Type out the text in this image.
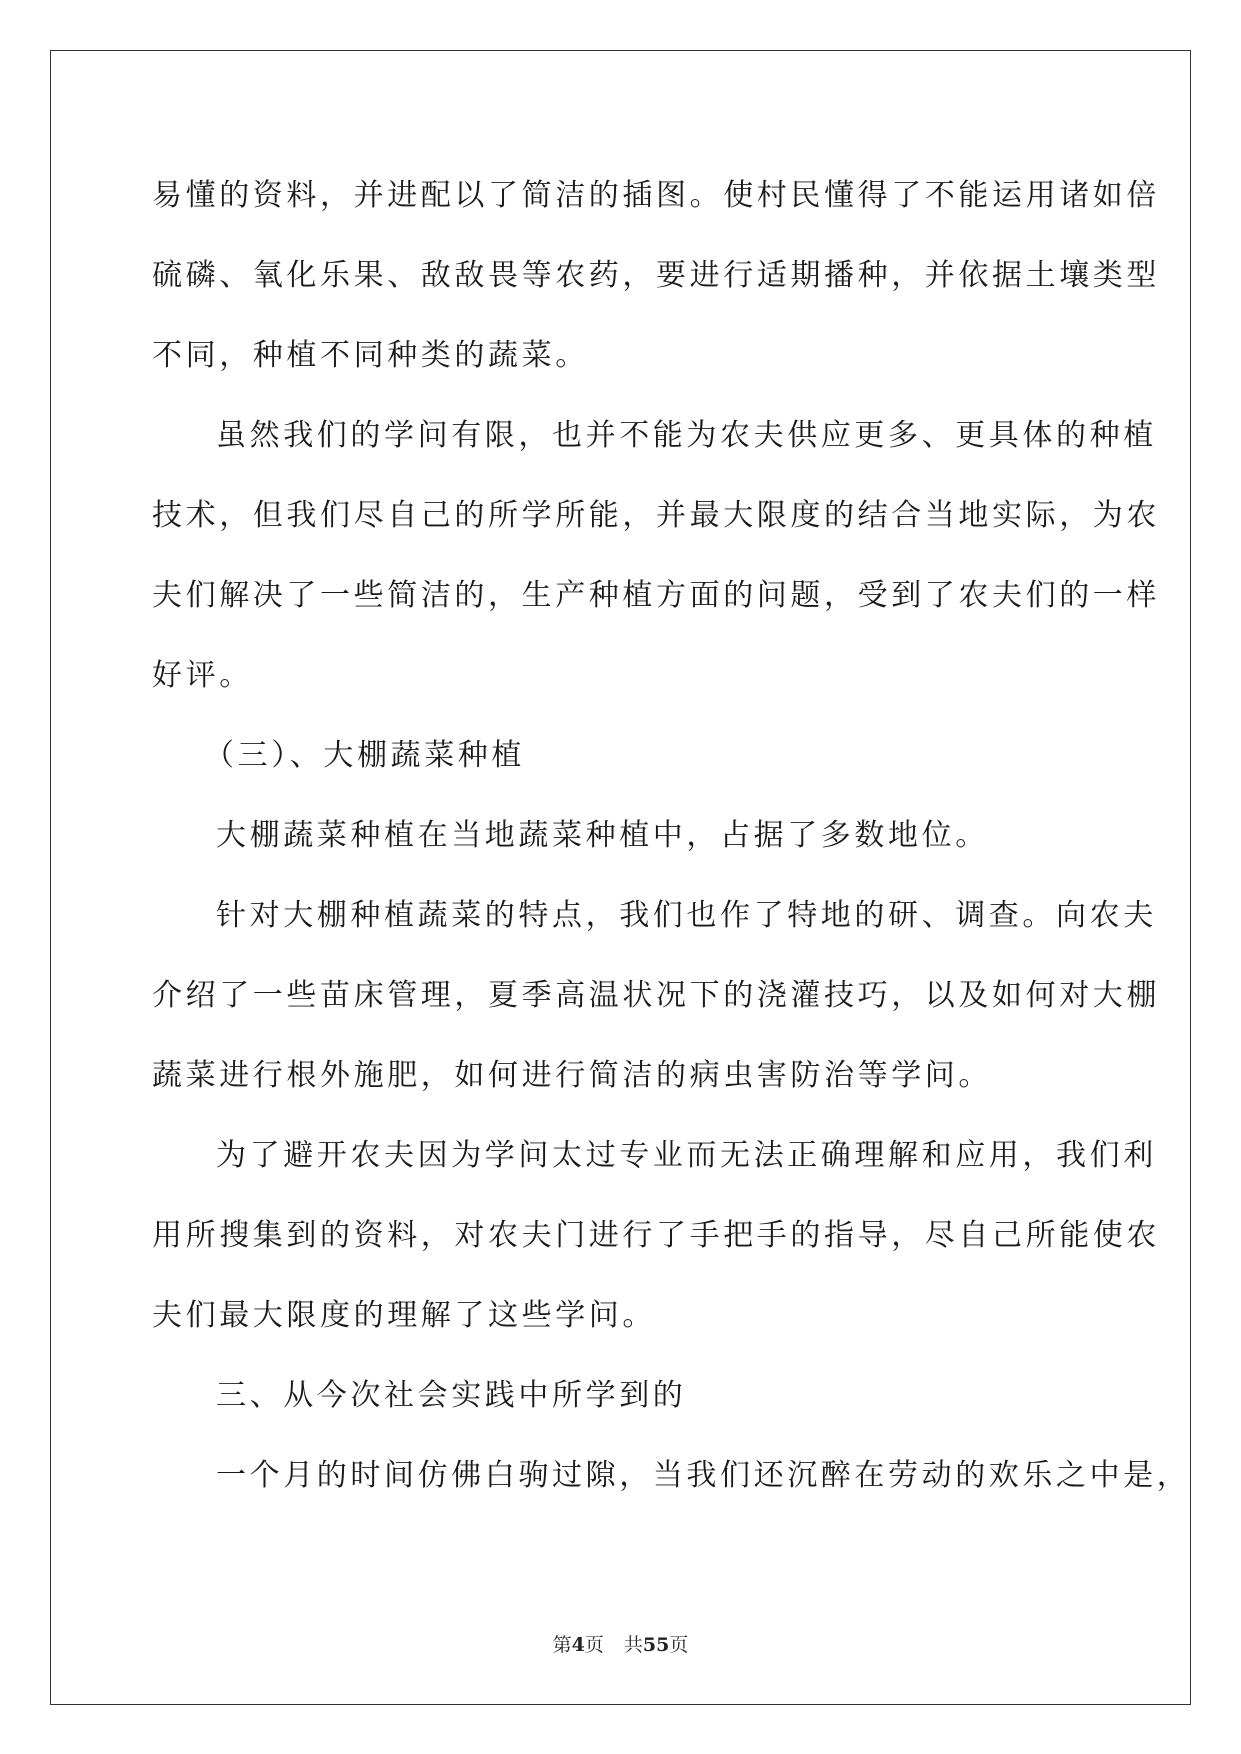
易懂的资料，并进配以了简洁的插图。使村民懂得了不能运用诸如倍
硫磷、氧化乐果、敌敌畏等农药，要进行适期播种，并依据土壤类型
不同，种植不同种类的蔬菜。
虽然我们的学问有限，也并不能为农夫供应更多、更具体的种植
技术，但我们尽自己的所学所能，并最大限度的结合当地实际，为农
夫们解决了一些简洁的，生产种植方面的问题，受到了农夫们的一样
好评。
（三）、大棚蔬菜种植
大棚蔬菜种植在当地蔬菜种植中，占据了多数地位。
针对大棚种植蔬菜的特点，我们也作了特地的研、调查。向农夫
介绍了一些苗床管理，夏季高温状况下的浇灌技巧，以及如何对大棚
蔬菜进行根外施肥，如何进行简洁的病虫害防治等学问。
为了避开农夫因为学问太过专业而无法正确理解和应用，我们利
用所搜集到的资料，对农夫门进行了手把手的指导，尽自己所能使农
夫们最大限度的理解了这些学问。
三、从今次社会实践中所学到的
一个月的时间仿佛白驹过隙，当我们还沉醉在劳动的欢乐之中是，
第4页 共55页
